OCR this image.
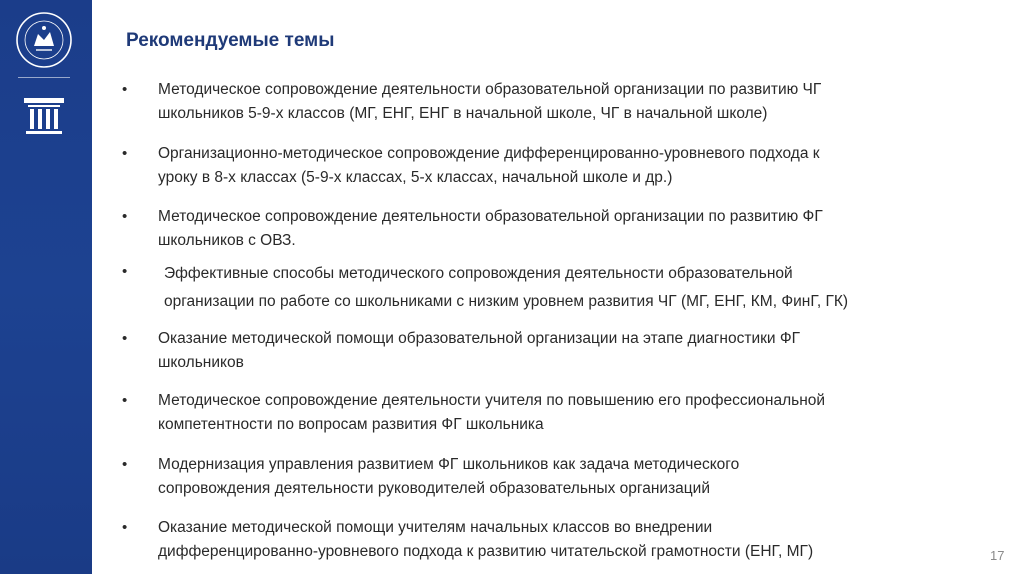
Рекомендуемые темы
•	Методическое сопровождение деятельности образовательной организации по развитию ЧГ
школьников 5-9-х классов (МГ, ЕНГ, ЕНГ в начальной школе, ЧГ в начальной школе)
•	Организационно-методическое сопровождение дифференцированно-уровневого подхода к
уроку в 8-х классах (5-9-х классах, 5-х классах, начальной школе и др.)
•	Методическое сопровождение деятельности образовательной организации по развитию ФГ
школьников с ОВЗ.
•	Эффективные способы методического сопровождения деятельности образовательной
организации по работе со школьниками с низким уровнем развития ЧГ (МГ, ЕНГ, КМ, ФинГ, ГК)
•	Оказание методической помощи образовательной организации на этапе диагностики ФГ
школьников
•	Методическое сопровождение деятельности учителя по повышению его профессиональной
компетентности по вопросам развития ФГ школьника
•	Модернизация управления развитием ФГ школьников как задача методического
сопровождения деятельности руководителей образовательных организаций
•	Оказание методической помощи учителям начальных классов во внедрении
дифференцированно-уровневого подхода к развитию читательской грамотности (ЕНГ, МГ)	17
